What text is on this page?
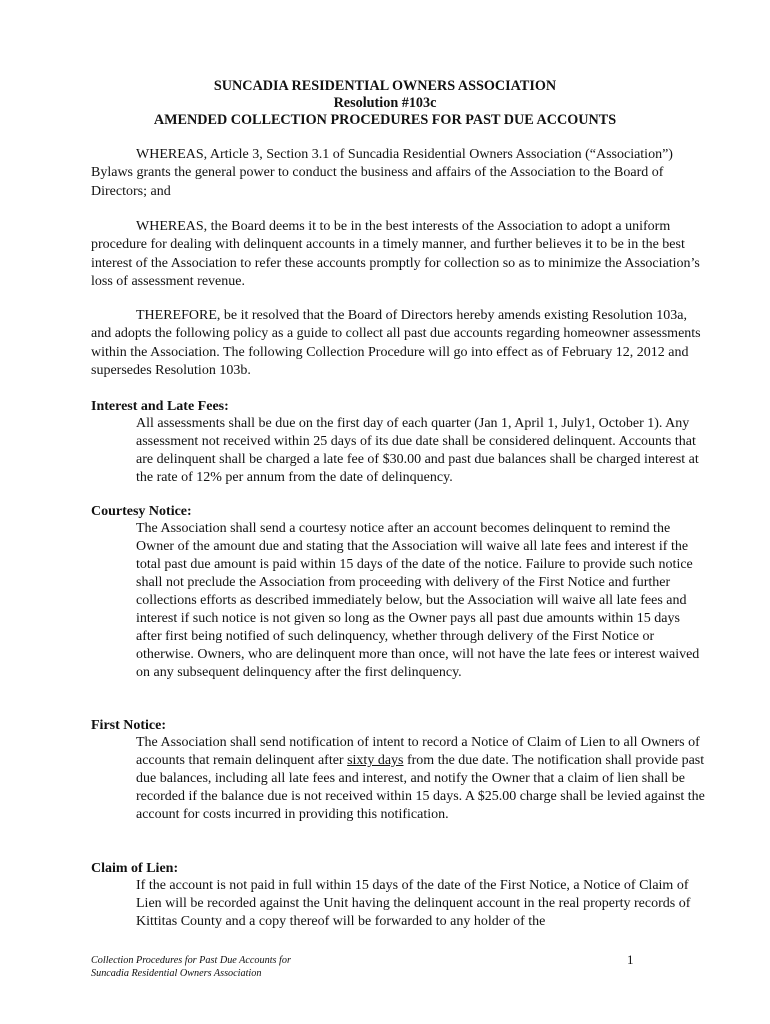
SUNCADIA RESIDENTIAL OWNERS ASSOCIATION
Resolution #103c
AMENDED COLLECTION PROCEDURES FOR PAST DUE ACCOUNTS
WHEREAS, Article 3, Section 3.1 of Suncadia Residential Owners Association (“Association”) Bylaws grants the general power to conduct the business and affairs of the Association to the Board of Directors; and
WHEREAS, the Board deems it to be in the best interests of the Association to adopt a uniform procedure for dealing with delinquent accounts in a timely manner, and further believes it to be in the best interest of the Association to refer these accounts promptly for collection so as to minimize the Association’s loss of assessment revenue.
THEREFORE, be it resolved that the Board of Directors hereby amends existing Resolution 103a, and adopts the following policy as a guide to collect all past due accounts regarding homeowner assessments within the Association. The following Collection Procedure will go into effect as of February 12, 2012 and supersedes Resolution 103b.
Interest and Late Fees:
All assessments shall be due on the first day of each quarter (Jan 1, April 1, July1, October 1). Any assessment not received within 25 days of its due date shall be considered delinquent. Accounts that are delinquent shall be charged a late fee of $30.00 and past due balances shall be charged interest at the rate of 12% per annum from the date of delinquency.
Courtesy Notice:
The Association shall send a courtesy notice after an account becomes delinquent to remind the Owner of the amount due and stating that the Association will waive all late fees and interest if the total past due amount is paid within 15 days of the date of the notice. Failure to provide such notice shall not preclude the Association from proceeding with delivery of the First Notice and further collections efforts as described immediately below, but the Association will waive all late fees and interest if such notice is not given so long as the Owner pays all past due amounts within 15 days after first being notified of such delinquency, whether through delivery of the First Notice or otherwise. Owners, who are delinquent more than once, will not have the late fees or interest waived on any subsequent delinquency after the first delinquency.
First Notice:
The Association shall send notification of intent to record a Notice of Claim of Lien to all Owners of accounts that remain delinquent after sixty days from the due date. The notification shall provide past due balances, including all late fees and interest, and notify the Owner that a claim of lien shall be recorded if the balance due is not received within 15 days. A $25.00 charge shall be levied against the account for costs incurred in providing this notification.
Claim of Lien:
If the account is not paid in full within 15 days of the date of the First Notice, a Notice of Claim of Lien will be recorded against the Unit having the delinquent account in the real property records of Kittitas County and a copy thereof will be forwarded to any holder of the
Collection Procedures for Past Due Accounts for
Suncadia Residential Owners Association
1
